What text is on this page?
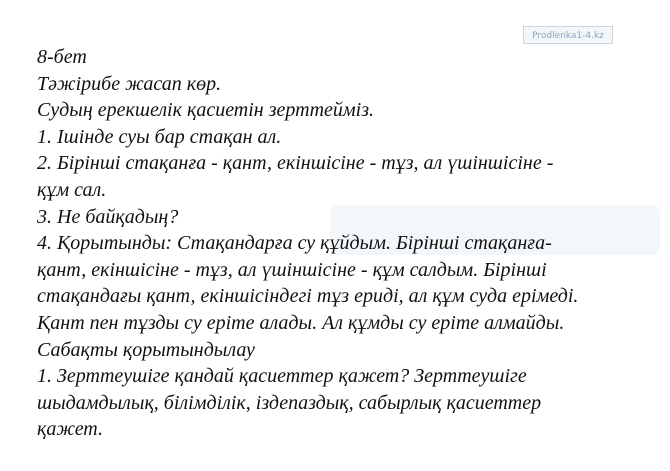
Prodlenka1-4.kz
8-бет
Тәжірибе жасап көр.
Судың ерекшелік қасиетін зерттейміз.
1. Ішінде суы бар стақан ал.
2. Бірінші стақанға - қант, екіншісіне - тұз, ал үшіншісіне -
құм сал.
3. Не байқадың?
4. Қорытынды: Стақандарға су құйдым. Бірінші стақанға-
қант, екіншісіне - тұз, ал үшіншісіне - құм салдым. Бірінші
стақандағы қант, екіншісіндегі тұз ериді, ал құм суда ерімеді.
Қант пен тұзды су еріте алады. Ал құмды су еріте алмайды.
Сабақты қорытындылау
1. Зерттеушіге қандай қасиеттер қажет? Зерттеушіге
шыдамдылық, білімділік, іздепаздық, сабырлық қасиеттер
қажет.
